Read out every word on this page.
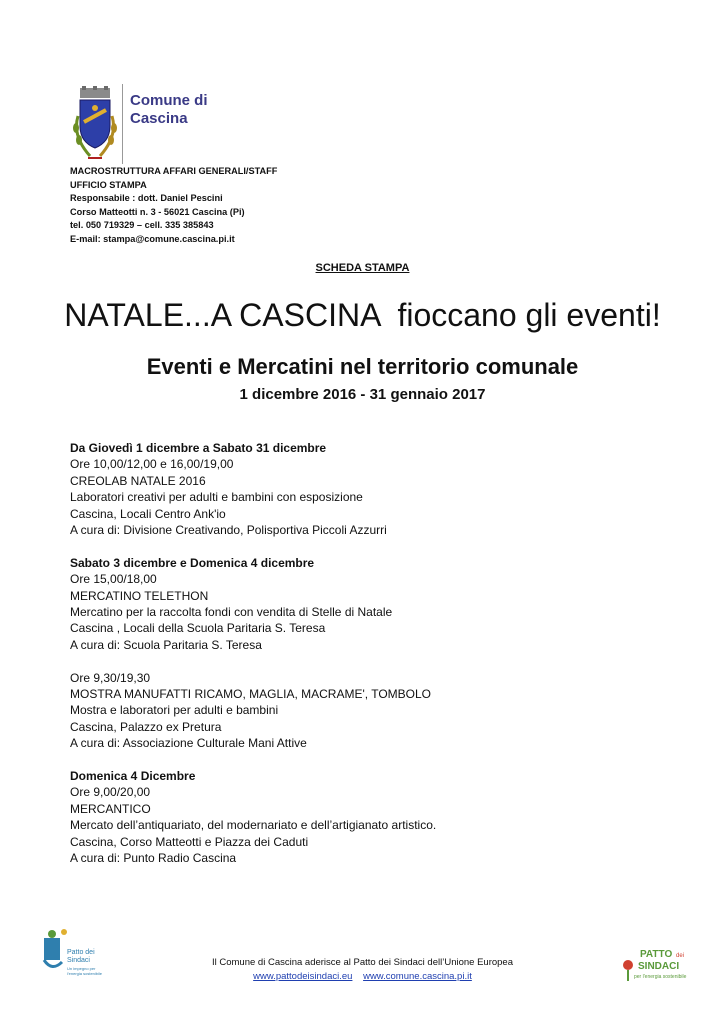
Comune di
Cascina
MACROSTRUTTURA AFFARI GENERALI/STAFF
UFFICIO STAMPA
Responsabile : dott. Daniel Pescini
Corso Matteotti n. 3 - 56021 Cascina (Pi)
tel. 050 719329 – cell. 335 385843
E-mail: stampa@comune.cascina.pi.it
SCHEDA STAMPA
NATALE...A CASCINA  fioccano gli eventi!
Eventi e Mercatini nel territorio comunale
1 dicembre 2016 - 31 gennaio 2017
Da Giovedì 1 dicembre a Sabato 31 dicembre
Ore 10,00/12,00 e 16,00/19,00
CREOLAB NATALE 2016
Laboratori creativi per adulti e bambini con esposizione
Cascina, Locali Centro Ank'io
A cura di: Divisione Creativando, Polisportiva Piccoli Azzurri
Sabato 3 dicembre e Domenica 4 dicembre
Ore 15,00/18,00
MERCATINO TELETHON
Mercatino per la raccolta fondi con vendita di Stelle di Natale
Cascina , Locali della Scuola Paritaria S. Teresa
A cura di: Scuola Paritaria S. Teresa
Ore 9,30/19,30
MOSTRA MANUFATTI RICAMO, MAGLIA, MACRAME', TOMBOLO
Mostra e laboratori per adulti e bambini
Cascina, Palazzo ex Pretura
A cura di: Associazione Culturale Mani Attive
Domenica 4 Dicembre
Ore 9,00/20,00
MERCANTICO
Mercato dell’antiquariato, del modernariato e dell’artigianato artistico.
Cascina, Corso Matteotti e Piazza dei Caduti
A cura di: Punto Radio Cascina
Patto dei
Sindaci
Un impegno per
l'energia sostenibile
Il Comune di Cascina aderisce al Patto dei Sindaci dell’Unione Europea
www.pattodeisindaci.eu www.comune.cascina.pi.it
PATTO dei
SINDACI
per l'energia sostenibile
